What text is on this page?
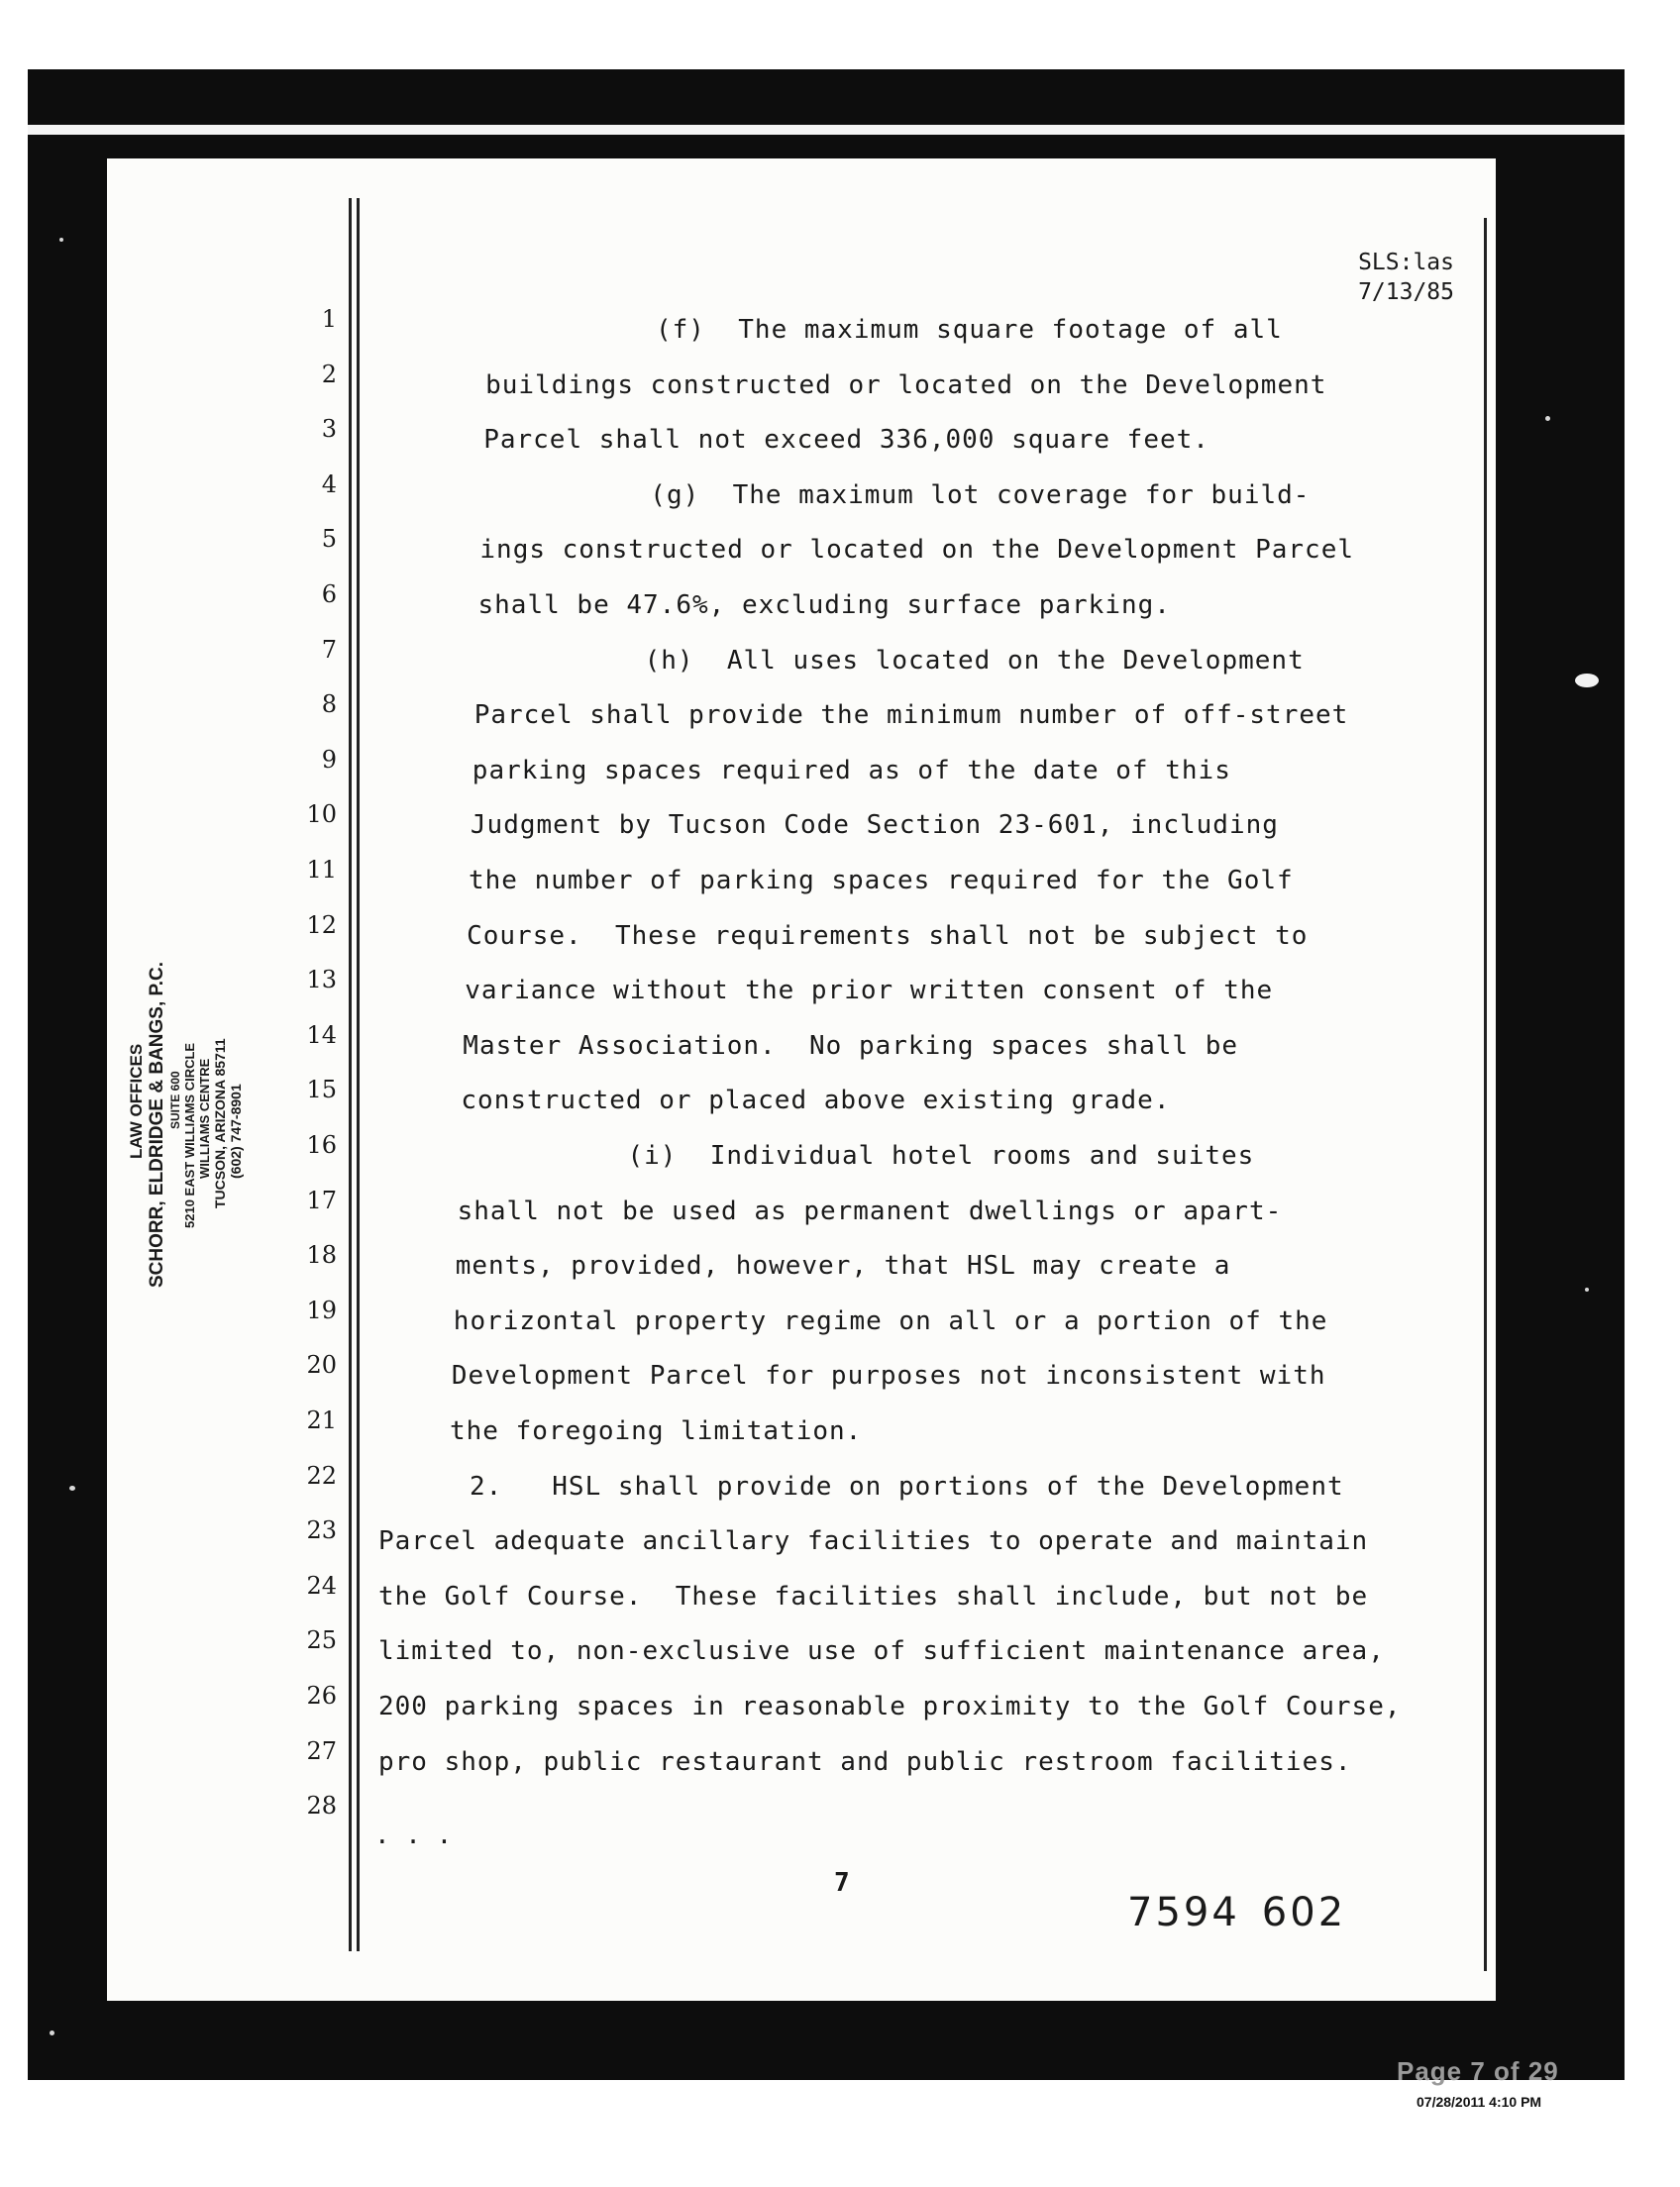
SLS:las
7/13/85
1
2
3
4
5
6
7
8
9
10
11
12
13
14
15
16
17
18
19
20
21
22
23
24
25
26
27
28
LAW OFFICES SCHORR, ELDRIDGE & BANGS, P.C. SUITE 600 5210 EAST WILLIAMS CIRCLE WILLIAMS CENTRE TUCSON, ARIZONA 85711 (602) 747-8901
(f)  The maximum square footage of all
buildings constructed or located on the Development
Parcel shall not exceed 336,000 square feet.
(g)  The maximum lot coverage for build-
ings constructed or located on the Development Parcel
shall be 47.6%, excluding surface parking.
(h)  All uses located on the Development
Parcel shall provide the minimum number of off-street
parking spaces required as of the date of this
Judgment by Tucson Code Section 23-601, including
the number of parking spaces required for the Golf
Course.  These requirements shall not be subject to
variance without the prior written consent of the
Master Association.  No parking spaces shall be
constructed or placed above existing grade.
(i)  Individual hotel rooms and suites
shall not be used as permanent dwellings or apart-
ments, provided, however, that HSL may create a
horizontal property regime on all or a portion of the
Development Parcel for purposes not inconsistent with
the foregoing limitation.
2.   HSL shall provide on portions of the Development
Parcel adequate ancillary facilities to operate and maintain
the Golf Course.  These facilities shall include, but not be
limited to, non-exclusive use of sufficient maintenance area,
200 parking spaces in reasonable proximity to the Golf Course,
pro shop, public restaurant and public restroom facilities.
. . .
7
7594 602
Page 7 of 29
07/28/2011 4:10 PM
